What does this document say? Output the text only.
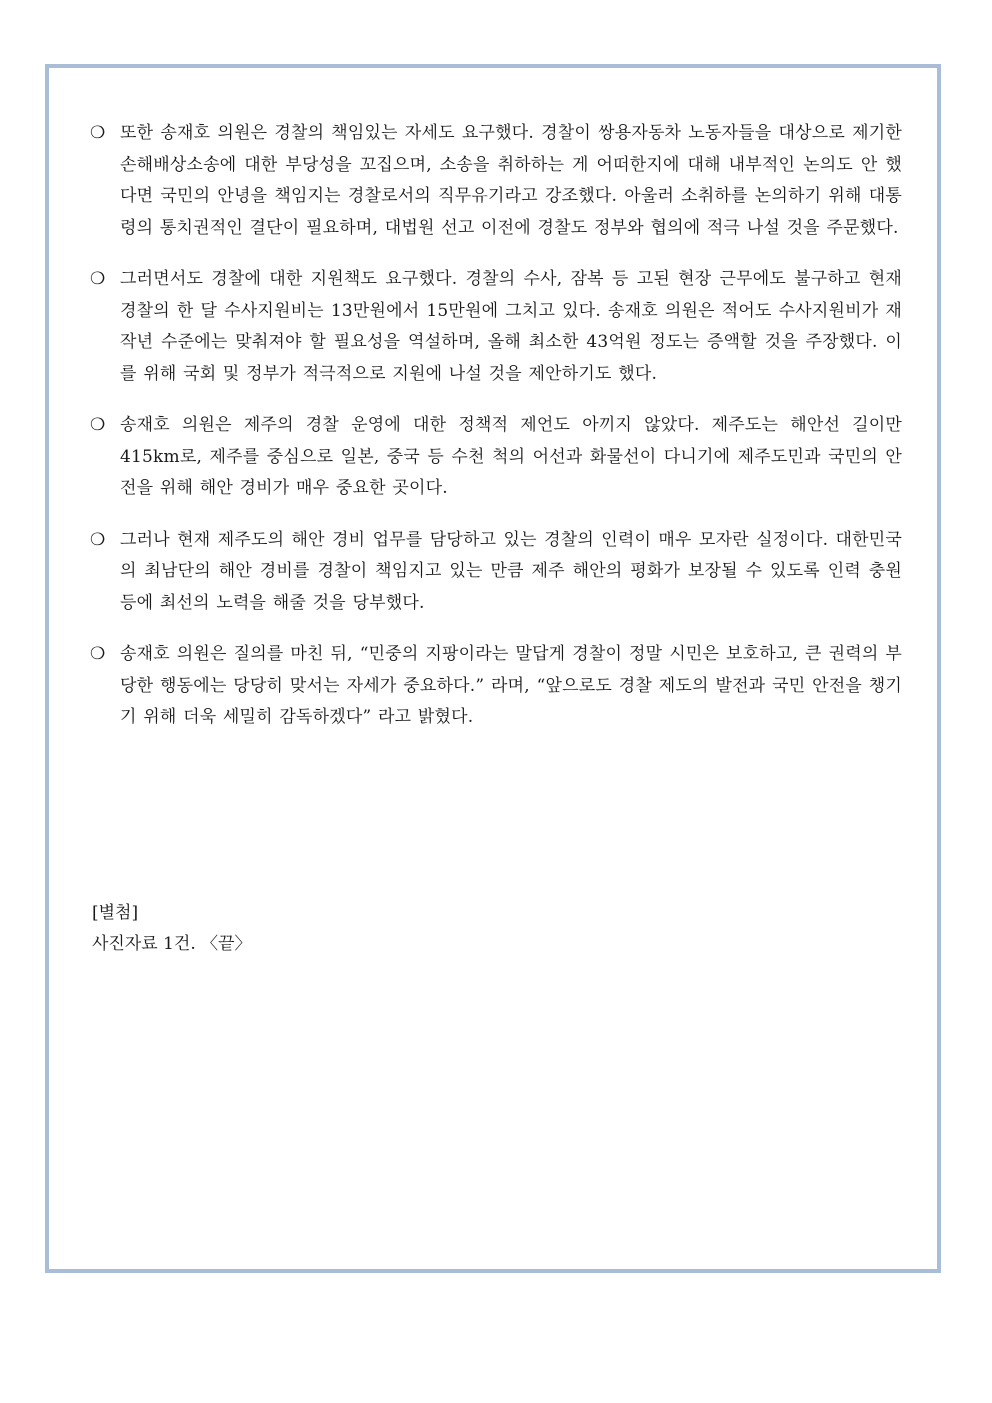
❍ 또한 송재호 의원은 경찰의 책임있는 자세도 요구했다. 경찰이 쌍용자동차 노동자들을 대상으로 제기한 손해배상소송에 대한 부당성을 꼬집으며, 소송을 취하하는 게 어떠한지에 대해 내부적인 논의도 안 했다면 국민의 안녕을 책임지는 경찰로서의 직무유기라고 강조했다. 아울러 소취하를 논의하기 위해 대통령의 통치권적인 결단이 필요하며, 대법원 선고 이전에 경찰도 정부와 협의에 적극 나설 것을 주문했다.
❍ 그러면서도 경찰에 대한 지원책도 요구했다. 경찰의 수사, 잠복 등 고된 현장 근무에도 불구하고 현재 경찰의 한 달 수사지원비는 13만원에서 15만원에 그치고 있다. 송재호 의원은 적어도 수사지원비가 재작년 수준에는 맞춰져야 할 필요성을 역설하며, 올해 최소한 43억원 정도는 증액할 것을 주장했다. 이를 위해 국회 및 정부가 적극적으로 지원에 나설 것을 제안하기도 했다.
❍ 송재호 의원은 제주의 경찰 운영에 대한 정책적 제언도 아끼지 않았다. 제주도는 해안선 길이만 415km로, 제주를 중심으로 일본, 중국 등 수천 척의 어선과 화물선이 다니기에 제주도민과 국민의 안전을 위해 해안 경비가 매우 중요한 곳이다.
❍ 그러나 현재 제주도의 해안 경비 업무를 담당하고 있는 경찰의 인력이 매우 모자란 실정이다. 대한민국의 최남단의 해안 경비를 경찰이 책임지고 있는 만큼 제주 해안의 평화가 보장될 수 있도록 인력 충원 등에 최선의 노력을 해줄 것을 당부했다.
❍ 송재호 의원은 질의를 마친 뒤, “민중의 지팡이라는 말답게 경찰이 정말 시민은 보호하고, 큰 권력의 부당한 행동에는 당당히 맞서는 자세가 중요하다.” 라며, “앞으로도 경찰 제도의 발전과 국민 안전을 챙기기 위해 더욱 세밀히 감독하겠다” 라고 밝혔다.
[별첨]
사진자료 1건. 〈끝〉
